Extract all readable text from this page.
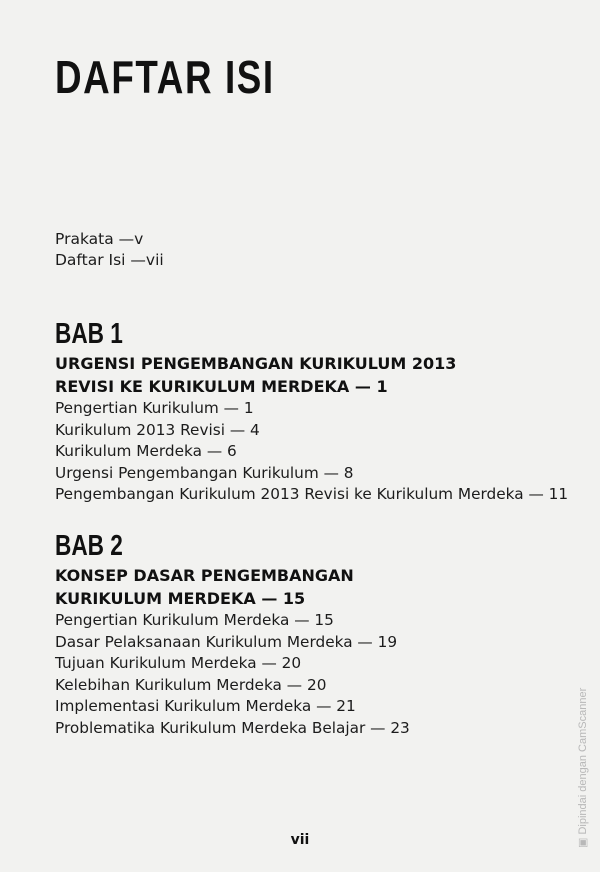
DAFTAR ISI
Prakata —v
Daftar Isi —vii
BAB 1
URGENSI PENGEMBANGAN KURIKULUM 2013
REVISI KE KURIKULUM MERDEKA — 1
Pengertian Kurikulum — 1
Kurikulum 2013 Revisi — 4
Kurikulum Merdeka — 6
Urgensi Pengembangan Kurikulum — 8
Pengembangan Kurikulum 2013 Revisi ke Kurikulum Merdeka — 11
BAB 2
KONSEP DASAR PENGEMBANGAN
KURIKULUM MERDEKA — 15
Pengertian Kurikulum Merdeka — 15
Dasar Pelaksanaan Kurikulum Merdeka — 19
Tujuan Kurikulum Merdeka — 20
Kelebihan Kurikulum Merdeka — 20
Implementasi Kurikulum Merdeka — 21
Problematika Kurikulum Merdeka Belajar — 23
vii	▣ Dipindai dengan CamScanner
